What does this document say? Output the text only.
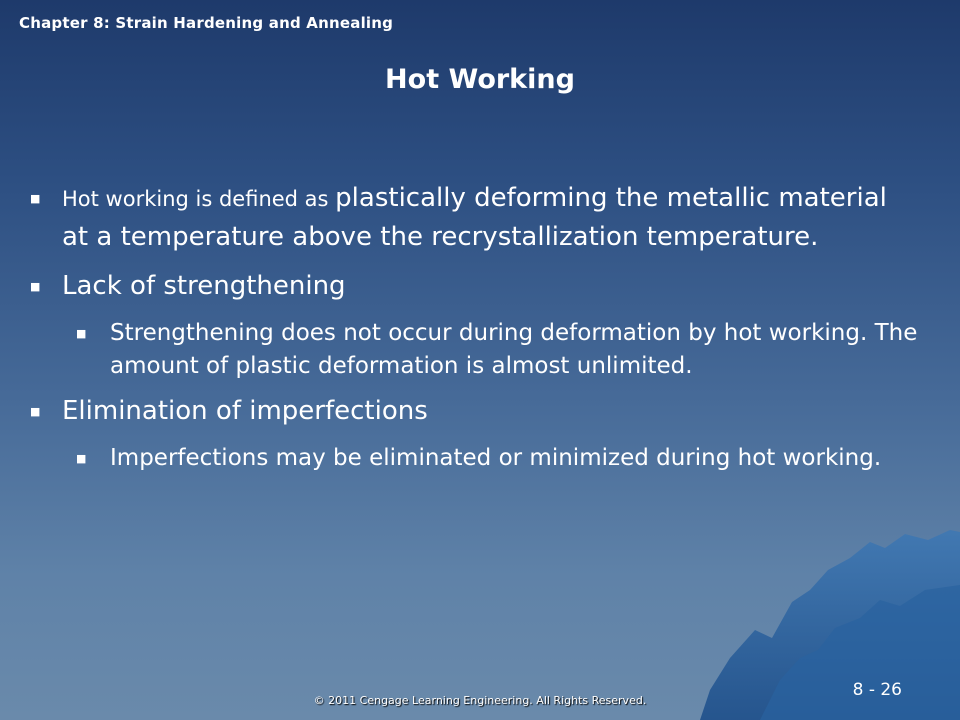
Chapter 8: Strain Hardening and Annealing
Hot Working
■ Hot working is defined as plastically deforming the metallic material at a temperature above the recrystallization temperature.
■ Lack of strengthening
■ Strengthening does not occur during deformation by hot working. The amount of plastic deformation is almost unlimited.
■ Elimination of imperfections
■ Imperfections may be eliminated or minimized during hot working.
© 2011 Cengage Learning Engineering. All Rights Reserved.
8 - 26
